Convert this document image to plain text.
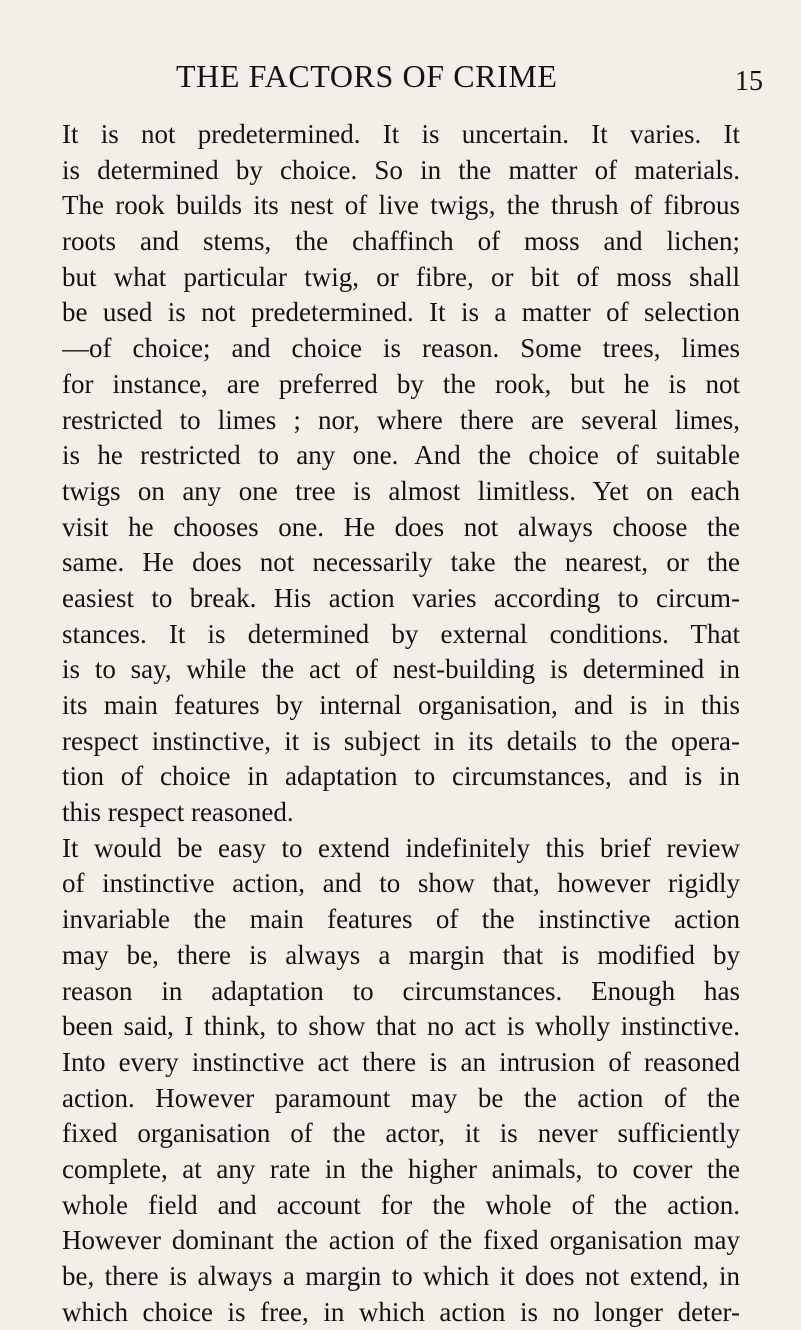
THE FACTORS OF CRIME	15
It is not predetermined. It is uncertain. It varies. It
is determined by choice. So in the matter of materials.
The rook builds its nest of live twigs, the thrush of fibrous
roots and stems, the chaffinch of moss and lichen;
but what particular twig, or fibre, or bit of moss shall
be used is not predetermined. It is a matter of selection
—of choice; and choice is reason. Some trees, limes
for instance, are preferred by the rook, but he is not
restricted to limes ; nor, where there are several limes,
is he restricted to any one. And the choice of suitable
twigs on any one tree is almost limitless. Yet on each
visit he chooses one. He does not always choose the
same. He does not necessarily take the nearest, or the
easiest to break. His action varies according to circum-
stances. It is determined by external conditions. That
is to say, while the act of nest-building is determined in
its main features by internal organisation, and is in this
respect instinctive, it is subject in its details to the opera-
tion of choice in adaptation to circumstances, and is in
this respect reasoned.
It would be easy to extend indefinitely this brief review
of instinctive action, and to show that, however rigidly
invariable the main features of the instinctive action
may be, there is always a margin that is modified by
reason in adaptation to circumstances. Enough has
been said, I think, to show that no act is wholly instinctive.
Into every instinctive act there is an intrusion of reasoned
action. However paramount may be the action of the
fixed organisation of the actor, it is never sufficiently
complete, at any rate in the higher animals, to cover the
whole field and account for the whole of the action.
However dominant the action of the fixed organisation may
be, there is always a margin to which it does not extend, in
which choice is free, in which action is no longer deter-
